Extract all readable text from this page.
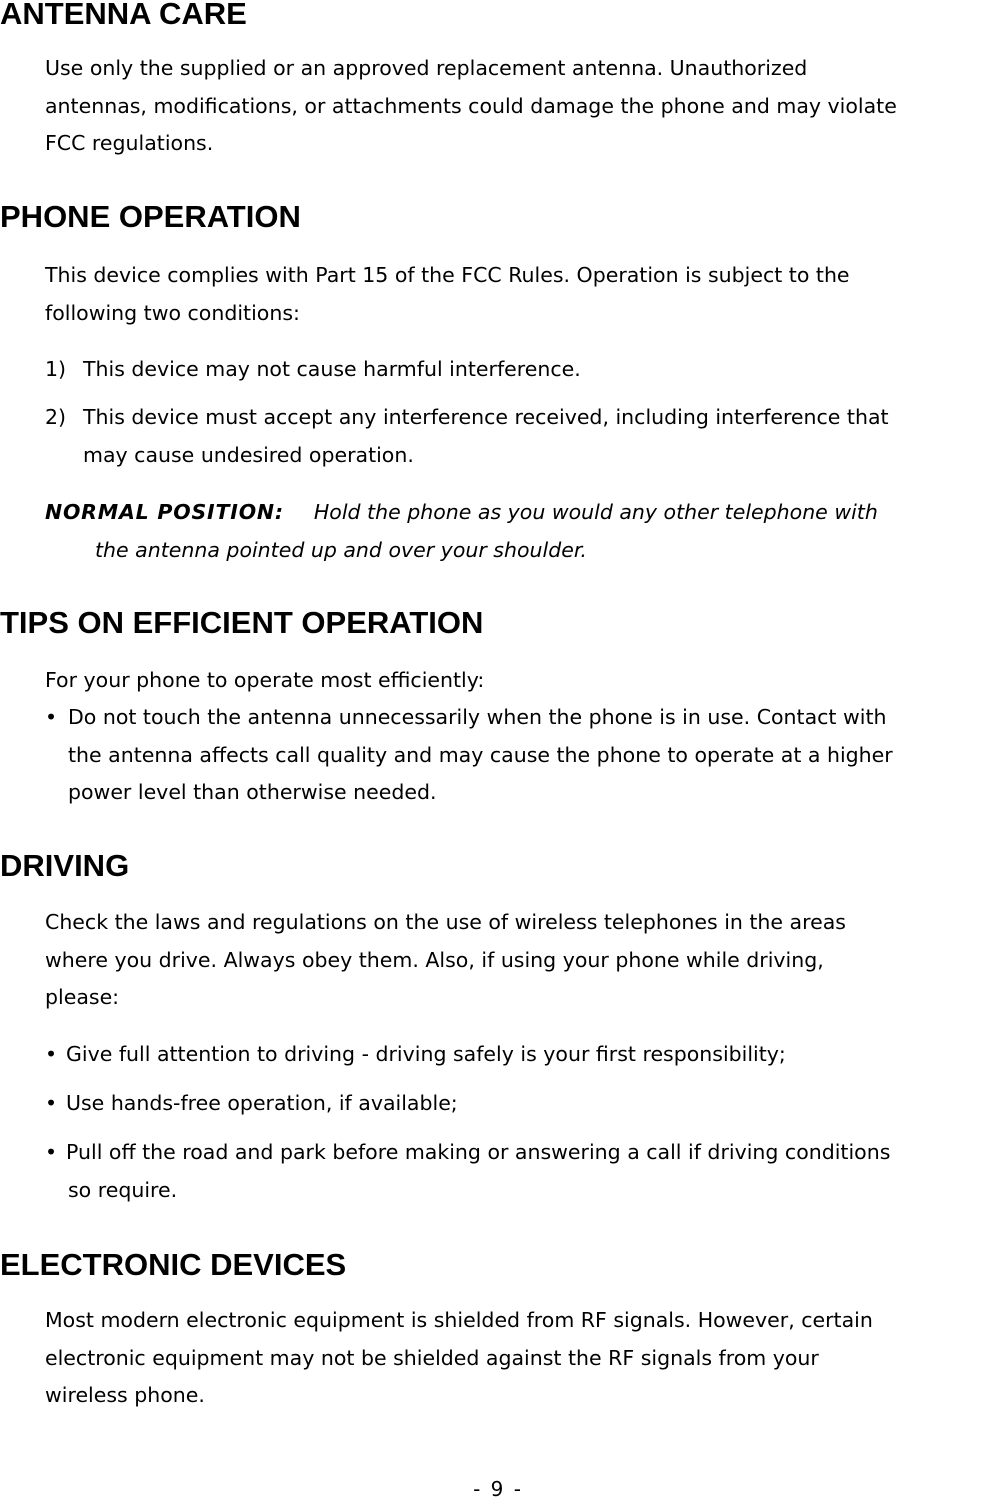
ANTENNA CARE
Use only the supplied or an approved replacement antenna. Unauthorized
antennas, modifications, or attachments could damage the phone and may violate
FCC regulations.
PHONE OPERATION
This device complies with Part 15 of the FCC Rules. Operation is subject to the
following two conditions:
1) This device may not cause harmful interference.
2) This device must accept any interference received, including interference that
may cause undesired operation.
NORMAL POSITION: Hold the phone as you would any other telephone with
the antenna pointed up and over your shoulder.
TIPS ON EFFICIENT OPERATION
For your phone to operate most efficiently:
• Do not touch the antenna unnecessarily when the phone is in use. Contact with
the antenna affects call quality and may cause the phone to operate at a higher
power level than otherwise needed.
DRIVING
Check the laws and regulations on the use of wireless telephones in the areas
where you drive. Always obey them. Also, if using your phone while driving,
please:
• Give full attention to driving - driving safely is your first responsibility;
• Use hands-free operation, if available;
• Pull off the road and park before making or answering a call if driving conditions
so require.
ELECTRONIC DEVICES
Most modern electronic equipment is shielded from RF signals. However, certain
electronic equipment may not be shielded against the RF signals from your
wireless phone.
- 9 -
